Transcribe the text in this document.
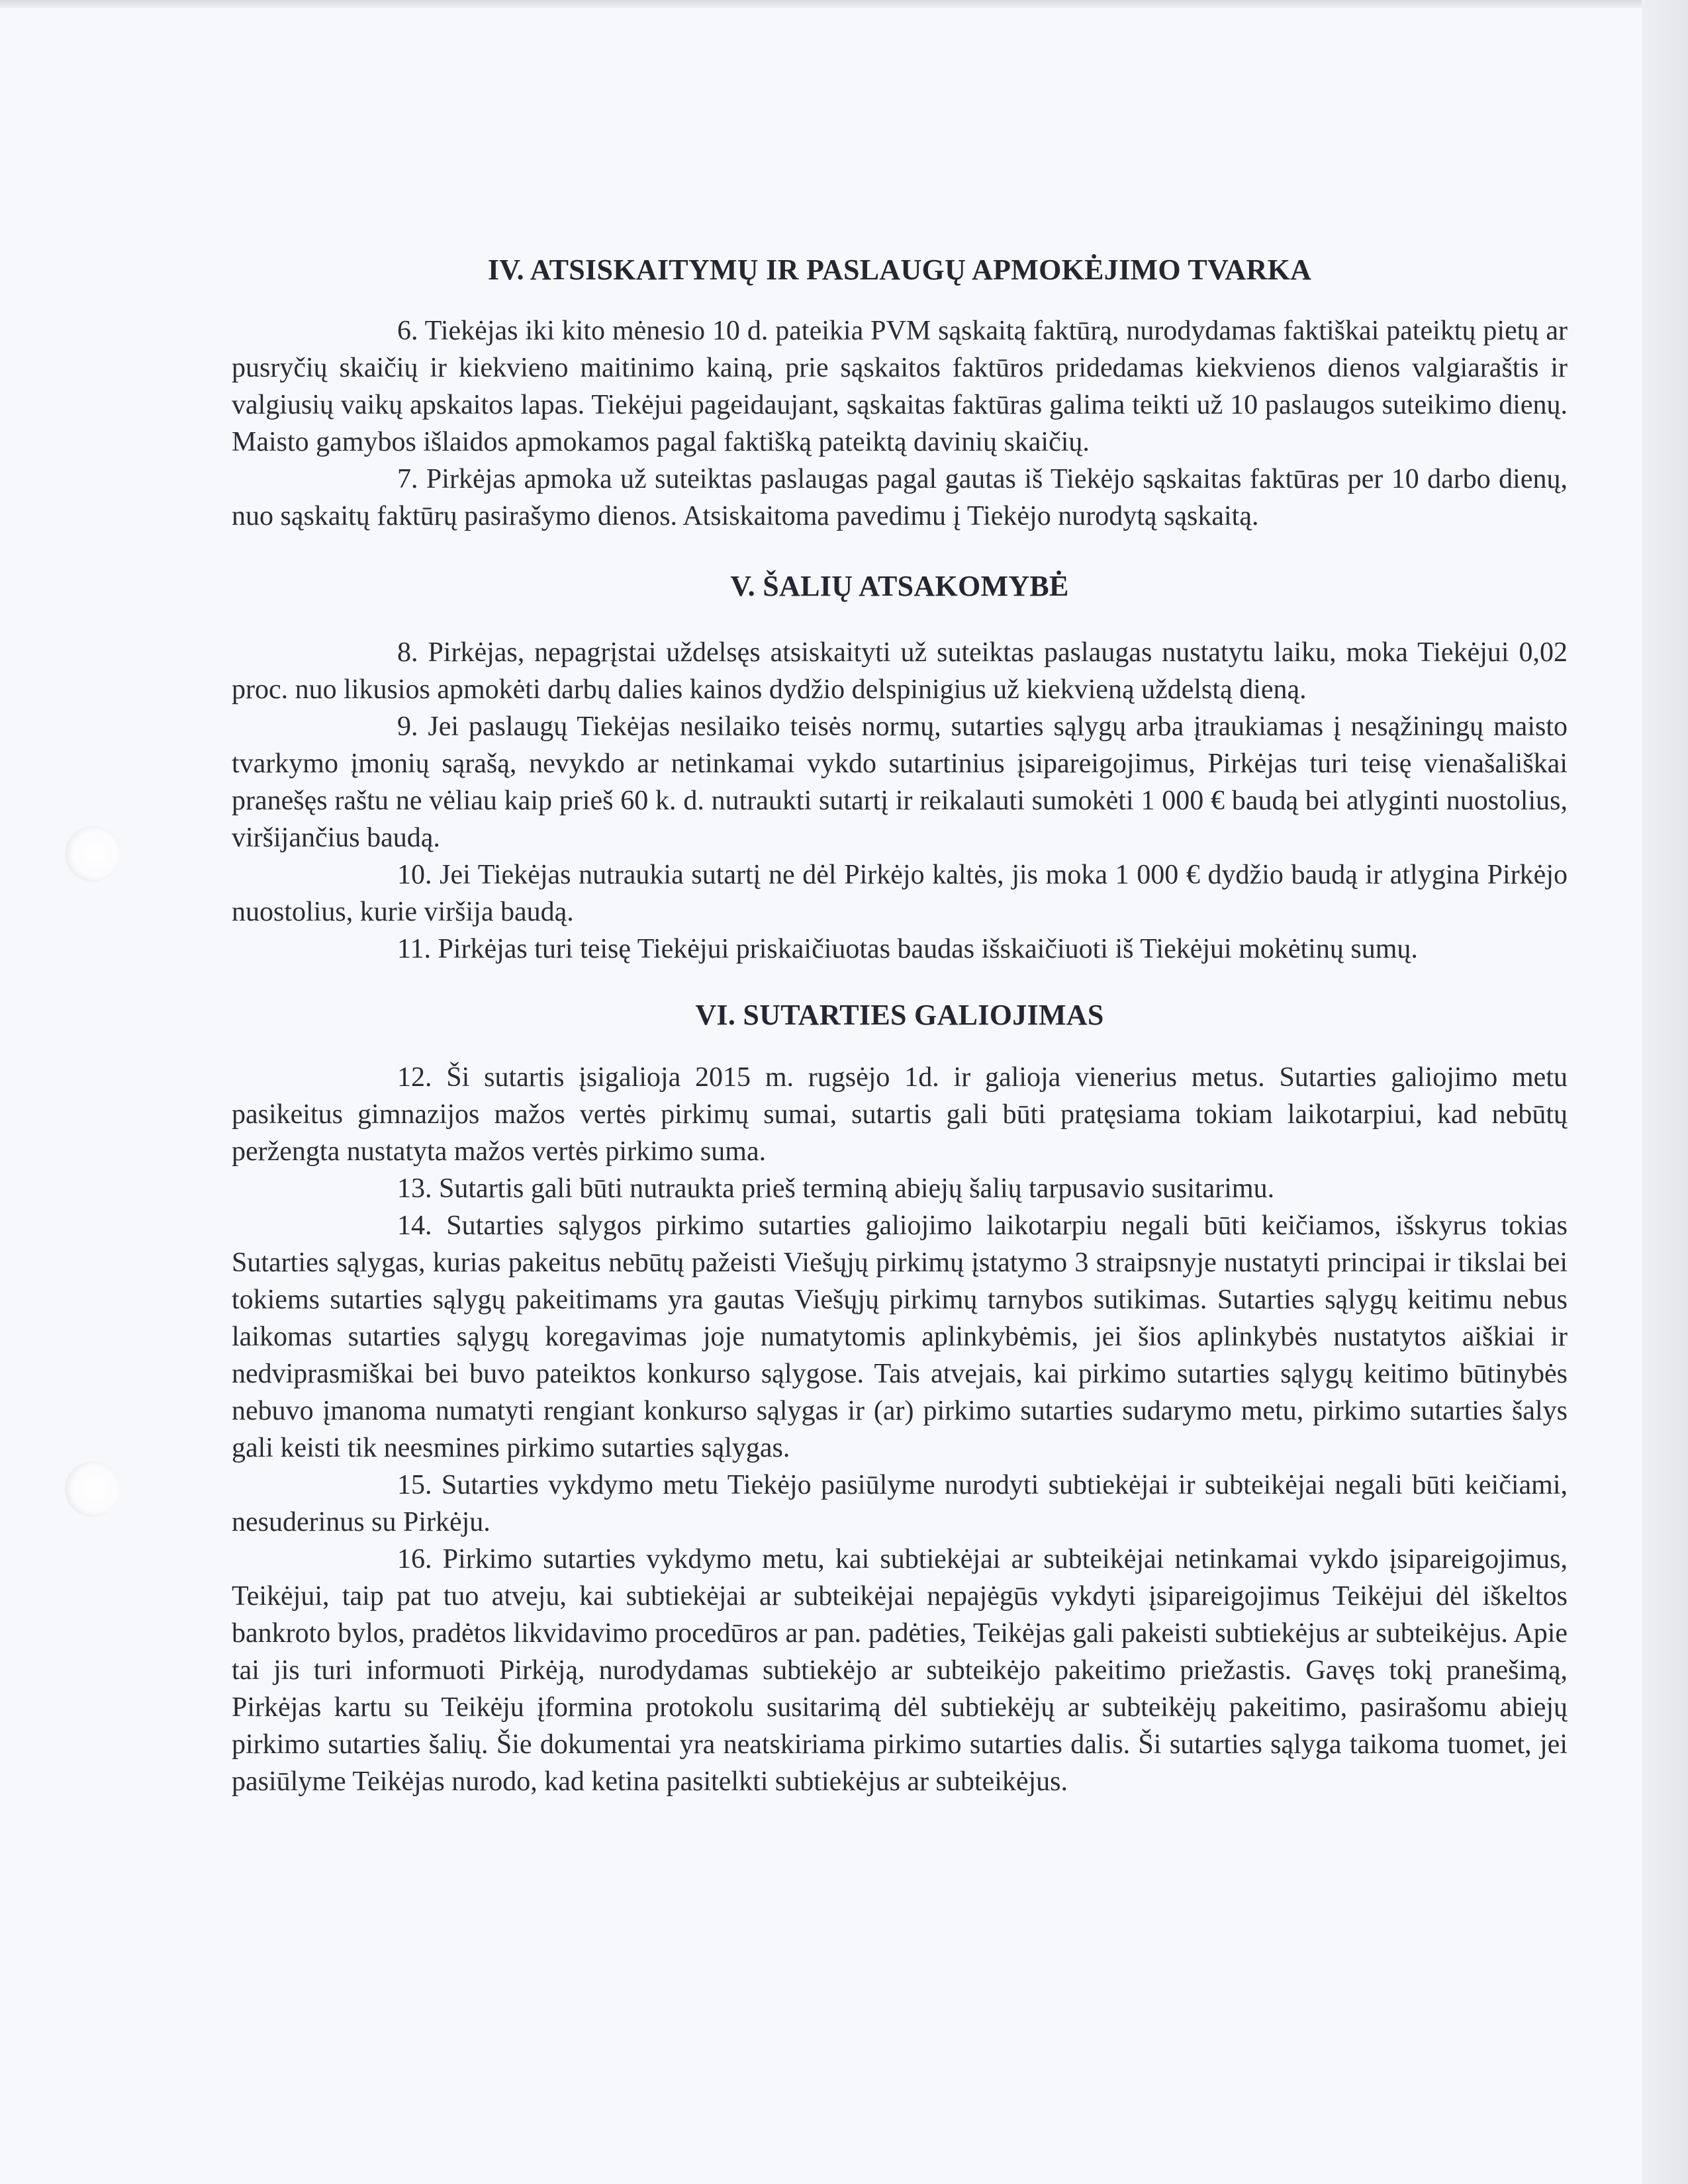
IV. ATSISKAITYMŲ IR PASLAUGŲ APMOKĖJIMO TVARKA

6. Tiekėjas iki kito mėnesio 10 d. pateikia PVM sąskaitą faktūrą, nurodydamas faktiškai pateiktų pietų ar pusryčių skaičių ir kiekvieno maitinimo kainą, prie sąskaitos faktūros pridedamas kiekvienos dienos valgiaraštis ir valgiusių vaikų apskaitos lapas. Tiekėjui pageidaujant, sąskaitas faktūras galima teikti už 10 paslaugos suteikimo dienų. Maisto gamybos išlaidos apmokamos pagal faktišką pateiktą davinių skaičių.

7. Pirkėjas apmoka už suteiktas paslaugas pagal gautas iš Tiekėjo sąskaitas faktūras per 10 darbo dienų, nuo sąskaitų faktūrų pasirašymo dienos. Atsiskaitoma pavedimu į Tiekėjo nurodytą sąskaitą.

V. ŠALIŲ ATSAKOMYBĖ

8. Pirkėjas, nepagrįstai uždelsęs atsiskaityti už suteiktas paslaugas nustatytu laiku, moka Tiekėjui 0,02 proc. nuo likusios apmokėti darbų dalies kainos dydžio delspinigius už kiekvieną uždelstą dieną.

9. Jei paslaugų Tiekėjas nesilaiko teisės normų, sutarties sąlygų arba įtraukiamas į nesąžiningų maisto tvarkymo įmonių sąrašą, nevykdo ar netinkamai vykdo sutartinius įsipareigojimus, Pirkėjas turi teisę vienašališkai pranešęs raštu ne vėliau kaip prieš 60 k. d. nutraukti sutartį ir reikalauti sumokėti 1 000 € baudą bei atlyginti nuostolius, viršijančius baudą.

10. Jei Tiekėjas nutraukia sutartį ne dėl Pirkėjo kaltės, jis moka 1 000 € dydžio baudą ir atlygina Pirkėjo nuostolius, kurie viršija baudą.

11. Pirkėjas turi teisę Tiekėjui priskaičiuotas baudas išskaičiuoti iš Tiekėjui mokėtinų sumų.

VI. SUTARTIES GALIOJIMAS

12. Ši sutartis įsigalioja 2015 m. rugsėjo 1d. ir galioja vienerius metus. Sutarties galiojimo metu pasikeitus gimnazijos mažos vertės pirkimų sumai, sutartis gali būti pratęsiama tokiam laikotarpiui, kad nebūtų peržengta nustatyta mažos vertės pirkimo suma.

13. Sutartis gali būti nutraukta prieš terminą abiejų šalių tarpusavio susitarimu.

14. Sutarties sąlygos pirkimo sutarties galiojimo laikotarpiu negali būti keičiamos, išskyrus tokias Sutarties sąlygas, kurias pakeitus nebūtų pažeisti Viešųjų pirkimų įstatymo 3 straipsnyje nustatyti principai ir tikslai bei tokiems sutarties sąlygų pakeitimams yra gautas Viešųjų pirkimų tarnybos sutikimas. Sutarties sąlygų keitimu nebus laikomas sutarties sąlygų koregavimas joje numatytomis aplinkybėmis, jei šios aplinkybės nustatytos aiškiai ir nedviprasmiškai bei buvo pateiktos konkurso sąlygose. Tais atvejais, kai pirkimo sutarties sąlygų keitimo būtinybės nebuvo įmanoma numatyti rengiant konkurso sąlygas ir (ar) pirkimo sutarties sudarymo metu, pirkimo sutarties šalys gali keisti tik neesmines pirkimo sutarties sąlygas.

15. Sutarties vykdymo metu Tiekėjo pasiūlyme nurodyti subtiekėjai ir subteikėjai negali būti keičiami, nesuderinus su Pirkėju.

16. Pirkimo sutarties vykdymo metu, kai subtiekėjai ar subteikėjai netinkamai vykdo įsipareigojimus, Teikėjui, taip pat tuo atveju, kai subtiekėjai ar subteikėjai nepajėgūs vykdyti įsipareigojimus Teikėjui dėl iškeltos bankroto bylos, pradėtos likvidavimo procedūros ar pan. padėties, Teikėjas gali pakeisti subtiekėjus ar subteikėjus. Apie tai jis turi informuoti Pirkėją, nurodydamas subtiekėjo ar subteikėjo pakeitimo priežastis. Gavęs tokį pranešimą, Pirkėjas kartu su Teikėju įformina protokolu susitarimą dėl subtiekėjų ar subteikėjų pakeitimo, pasirašomu abiejų pirkimo sutarties šalių. Šie dokumentai yra neatskiriama pirkimo sutarties dalis. Ši sutarties sąlyga taikoma tuomet, jei pasiūlyme Teikėjas nurodo, kad ketina pasitelkti subtiekėjus ar subteikėjus.
